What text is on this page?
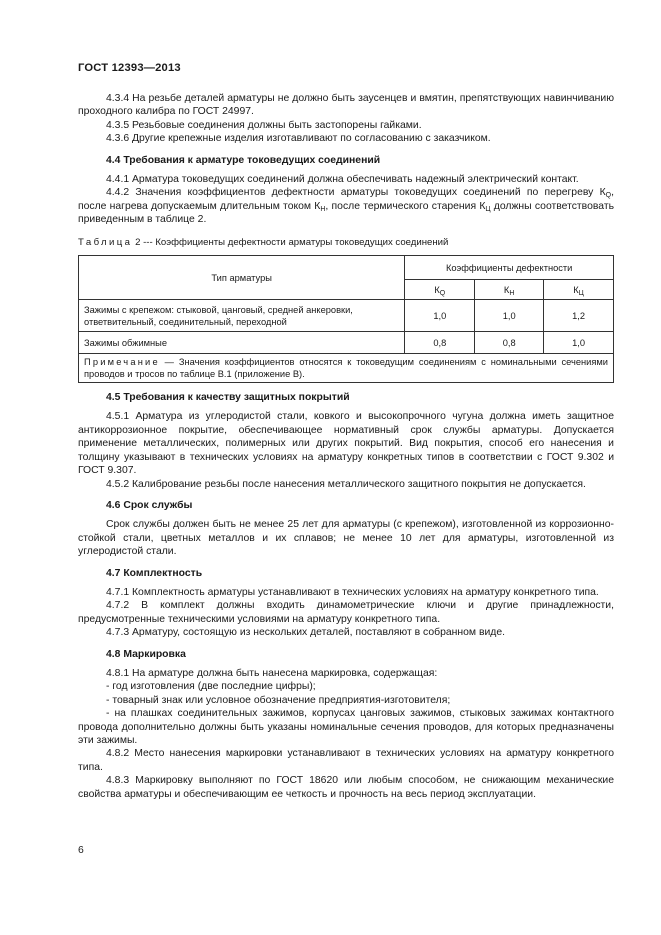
ГОСТ 12393—2013

4.3.4 На резьбе деталей арматуры не должно быть заусенцев и вмятин, препятствующих навинчиванию проходного калибра по ГОСТ 24997.

4.3.5 Резьбовые соединения должны быть застопорены гайками.

4.3.6 Другие крепежные изделия изготавливают по согласованию с заказчиком.

4.4 Требования к арматуре токоведущих соединений

4.4.1 Арматура токоведущих соединений должна обеспечивать надежный электрический контакт.

4.4.2 Значения коэффициентов дефектности арматуры токоведущих соединений по перегреву $К_Q$, после нагрева допускаемым длительным током $К_Н$, после термического старения $К_Ц$ должны соответствовать приведенным в таблице 2.

Таблица 2 --- Коэффициенты дефектности арматуры токоведущих соединений

Тип арматуры	Коэффициенты дефектности		
	$К_Q$	$К_Н$	$К_Ц$
Зажимы с крепежом: стыковой, цанговый, средней анкеровки, ответвительный, соединительный, переходной	1,0	1,0	1,2
Зажимы обжимные	0,8	0,8	1,0
Примечание — Значения коэффициентов относятся к токоведущим соединениям с номинальными сечениями проводов и тросов по таблице В.1 (приложение В).			

4.5 Требования к качеству защитных покрытий

4.5.1 Арматура из углеродистой стали, ковкого и высокопрочного чугуна должна иметь защитное антикоррозионное покрытие, обеспечивающее нормативный срок службы арматуры. Допускается применение металлических, полимерных или других покрытий. Вид покрытия, способ его нанесения и толщину указывают в технических условиях на арматуру конкретных типов в соответствии с ГОСТ 9.302 и ГОСТ 9.307.

4.5.2 Калибрование резьбы после нанесения металлического защитного покрытия не допускается.

4.6 Срок службы

Срок службы должен быть не менее 25 лет для арматуры (с крепежом), изготовленной из коррозионно-стойкой стали, цветных металлов и их сплавов; не менее 10 лет для арматуры, изготовленной из углеродистой стали.

4.7 Комплектность

4.7.1 Комплектность арматуры устанавливают в технических условиях на арматуру конкретного типа.

4.7.2 В комплект должны входить динамометрические ключи и другие принадлежности, предусмотренные техническими условиями на арматуру конкретного типа.

4.7.3 Арматуру, состоящую из нескольких деталей, поставляют в собранном виде.

4.8 Маркировка

4.8.1 На арматуре должна быть нанесена маркировка, содержащая:

- год изготовления (две последние цифры);

- товарный знак или условное обозначение предприятия-изготовителя;

- на плашках соединительных зажимов, корпусах цанговых зажимов, стыковых зажимах контактного провода дополнительно должны быть указаны номинальные сечения проводов, для которых предназначены эти зажимы.

4.8.2 Место нанесения маркировки устанавливают в технических условиях на арматуру конкретного типа.

4.8.3 Маркировку выполняют по ГОСТ 18620 или любым способом, не снижающим механические свойства арматуры и обеспечивающим ее четкость и прочность на весь период эксплуатации.

6
